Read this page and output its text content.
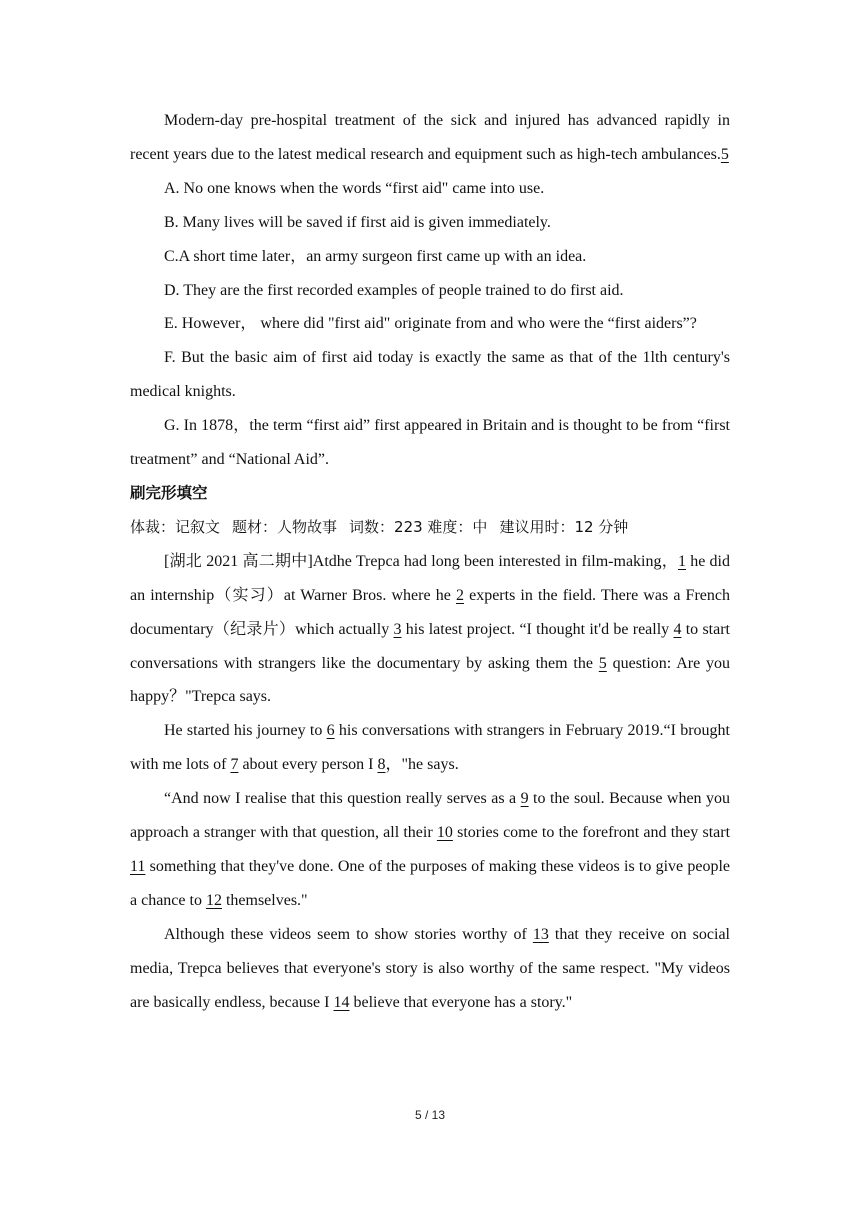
Modern-day pre-hospital treatment of the sick and injured has advanced rapidly in recent years due to the latest medical research and equipment such as high-tech ambulances.5

A. No one knows when the words “first aid" came into use.

B. Many lives will be saved if first aid is given immediately.

C.A short time later，an army surgeon first came up with an idea.

D. They are the first recorded examples of people trained to do first aid.

E. However， where did "first aid" originate from and who were the “first aiders”?

F. But the basic aim of first aid today is exactly the same as that of the 1lth century's medical knights.

G. In 1878，the term “first aid” first appeared in Britain and is thought to be from “first treatment” and “National Aid”.

刷完形填空

体裁：记叙文 题材：人物故事 词数：223 难度：中 建议用时：12 分钟

[湖北 2021 高二期中]Atdhe Trepca had long been interested in film-making，1 he did an internship（实习）at Warner Bros. where he 2 experts in the field. There was a French documentary（纪录片）which actually 3 his latest project. “I thought it'd be really 4 to start conversations with strangers like the documentary by asking them the 5 question: Are you happy？"Trepca says.

He started his journey to 6 his conversations with strangers in February 2019.“I brought with me lots of 7 about every person I 8，"he says.

“And now I realise that this question really serves as a 9 to the soul. Because when you approach a stranger with that question, all their 10 stories come to the forefront and they start 11 something that they've done. One of the purposes of making these videos is to give people a chance to 12 themselves."

Although these videos seem to show stories worthy of 13 that they receive on social media, Trepca believes that everyone's story is also worthy of the same respect. "My videos are basically endless, because I 14 believe that everyone has a story."

5 / 13
